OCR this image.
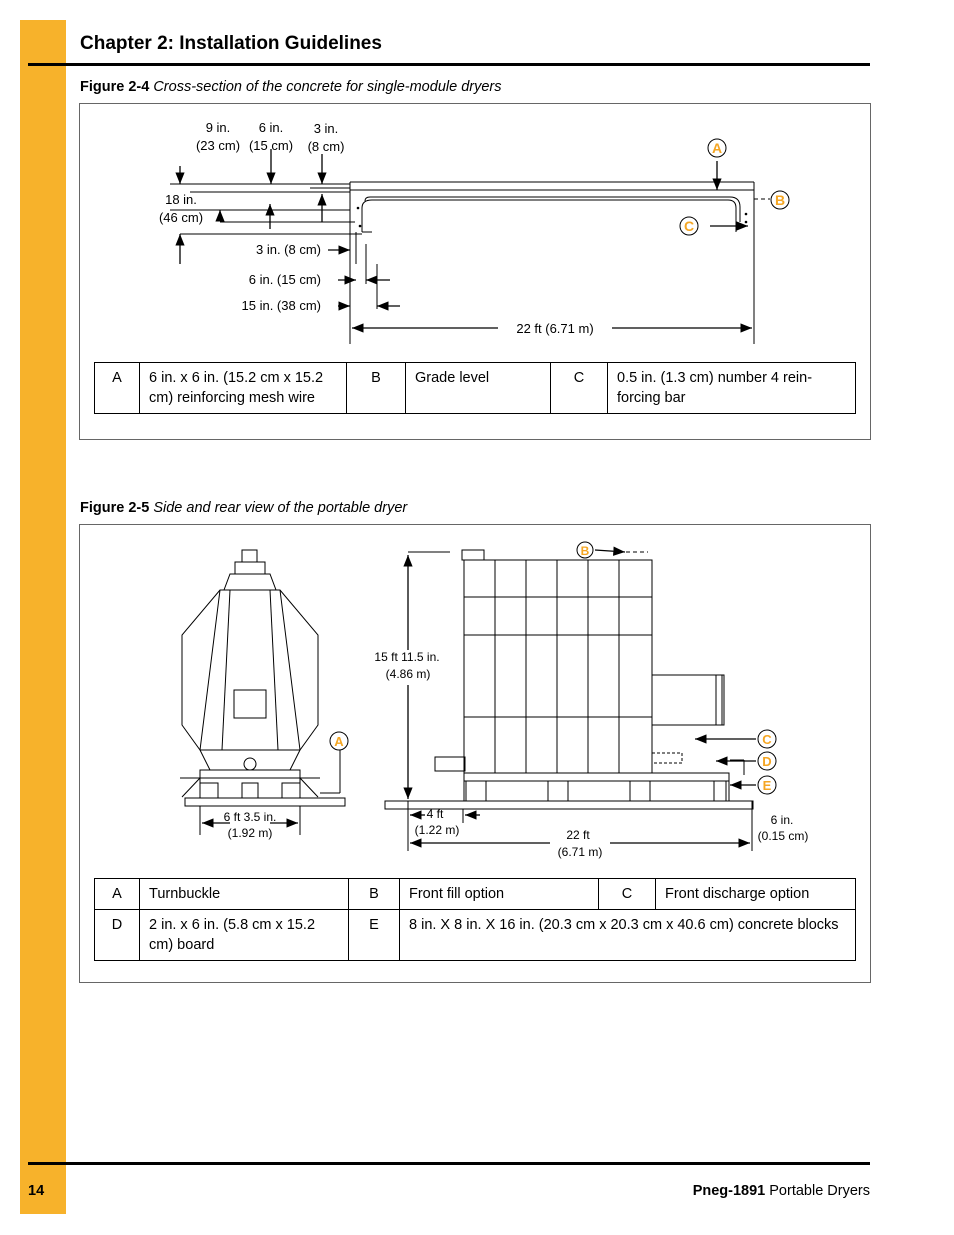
Chapter 2: Installation Guidelines
Figure 2-4 Cross-section of the concrete for single-module dryers
A
B
C
9 in.
(23 cm)
6 in.
(15 cm)
3 in.
(8 cm)
18 in.
(46 cm)
3 in. (8 cm)
6 in. (15 cm)
15 in. (38 cm)
22 ft (6.71 m)
A	6 in. x 6 in. (15.2 cm x 15.2 cm) reinforcing mesh wire	B	Grade level	C	0.5 in. (1.3 cm) number 4 rein-forcing bar
Figure 2-5 Side and rear view of the portable dryer
A
B
C
D
E
6 ft 3.5 in.
(1.92 m)
15 ft 11.5 in.
(4.86 m)
4 ft
(1.22 m)	22 ft
(6.71 m)
6 in.
(0.15 cm)
A	Turnbuckle	B	Front fill option	C	Front discharge option
D	2 in. x 6 in. (5.8 cm x 15.2 cm) board	E	8 in. X 8 in. X 16 in. (20.3 cm x 20.3 cm x 40.6 cm) concrete blocks		
14	Pneg-1891 Portable Dryers
